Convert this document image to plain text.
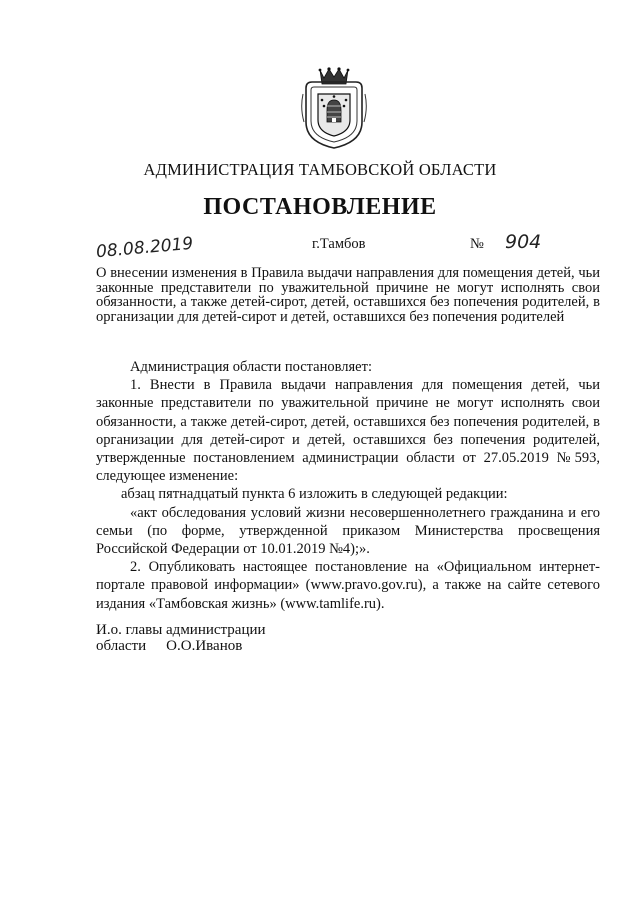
АДМИНИСТРАЦИЯ ТАМБОВСКОЙ ОБЛАСТИ
ПОСТАНОВЛЕНИЕ
08.08.2019	г.Тамбов	№ 904
О внесении изменения в Правила выдачи направления для помещения детей, чьи законные представители по уважительной причине не могут исполнять свои обязанности, а также детей-сирот, детей, оставшихся без попечения родителей, в организации для детей-сирот и детей, оставшихся без попечения родителей

Администрация области постановляет:

1. Внести в Правила выдачи направления для помещения детей, чьи законные представители по уважительной причине не могут исполнять свои обязанности, а также детей-сирот, детей, оставшихся без попечения родителей, в организации для детей-сирот и детей, оставшихся без попечения родителей, утвержденные постановлением администрации области от 27.05.2019 №593, следующее изменение:

абзац пятнадцатый пункта 6 изложить в следующей редакции:

«акт обследования условий жизни несовершеннолетнего гражданина и его семьи (по форме, утвержденной приказом Министерства просвещения Российской Федерации от 10.01.2019 №4);».

2. Опубликовать настоящее постановление на «Официальном интернет-портале правовой информации» (www.pravo.gov.ru), а также на сайте сетевого издания «Тамбовская жизнь» (www.tamlife.ru).

И.о. главы администрации
области О.О.Иванов
